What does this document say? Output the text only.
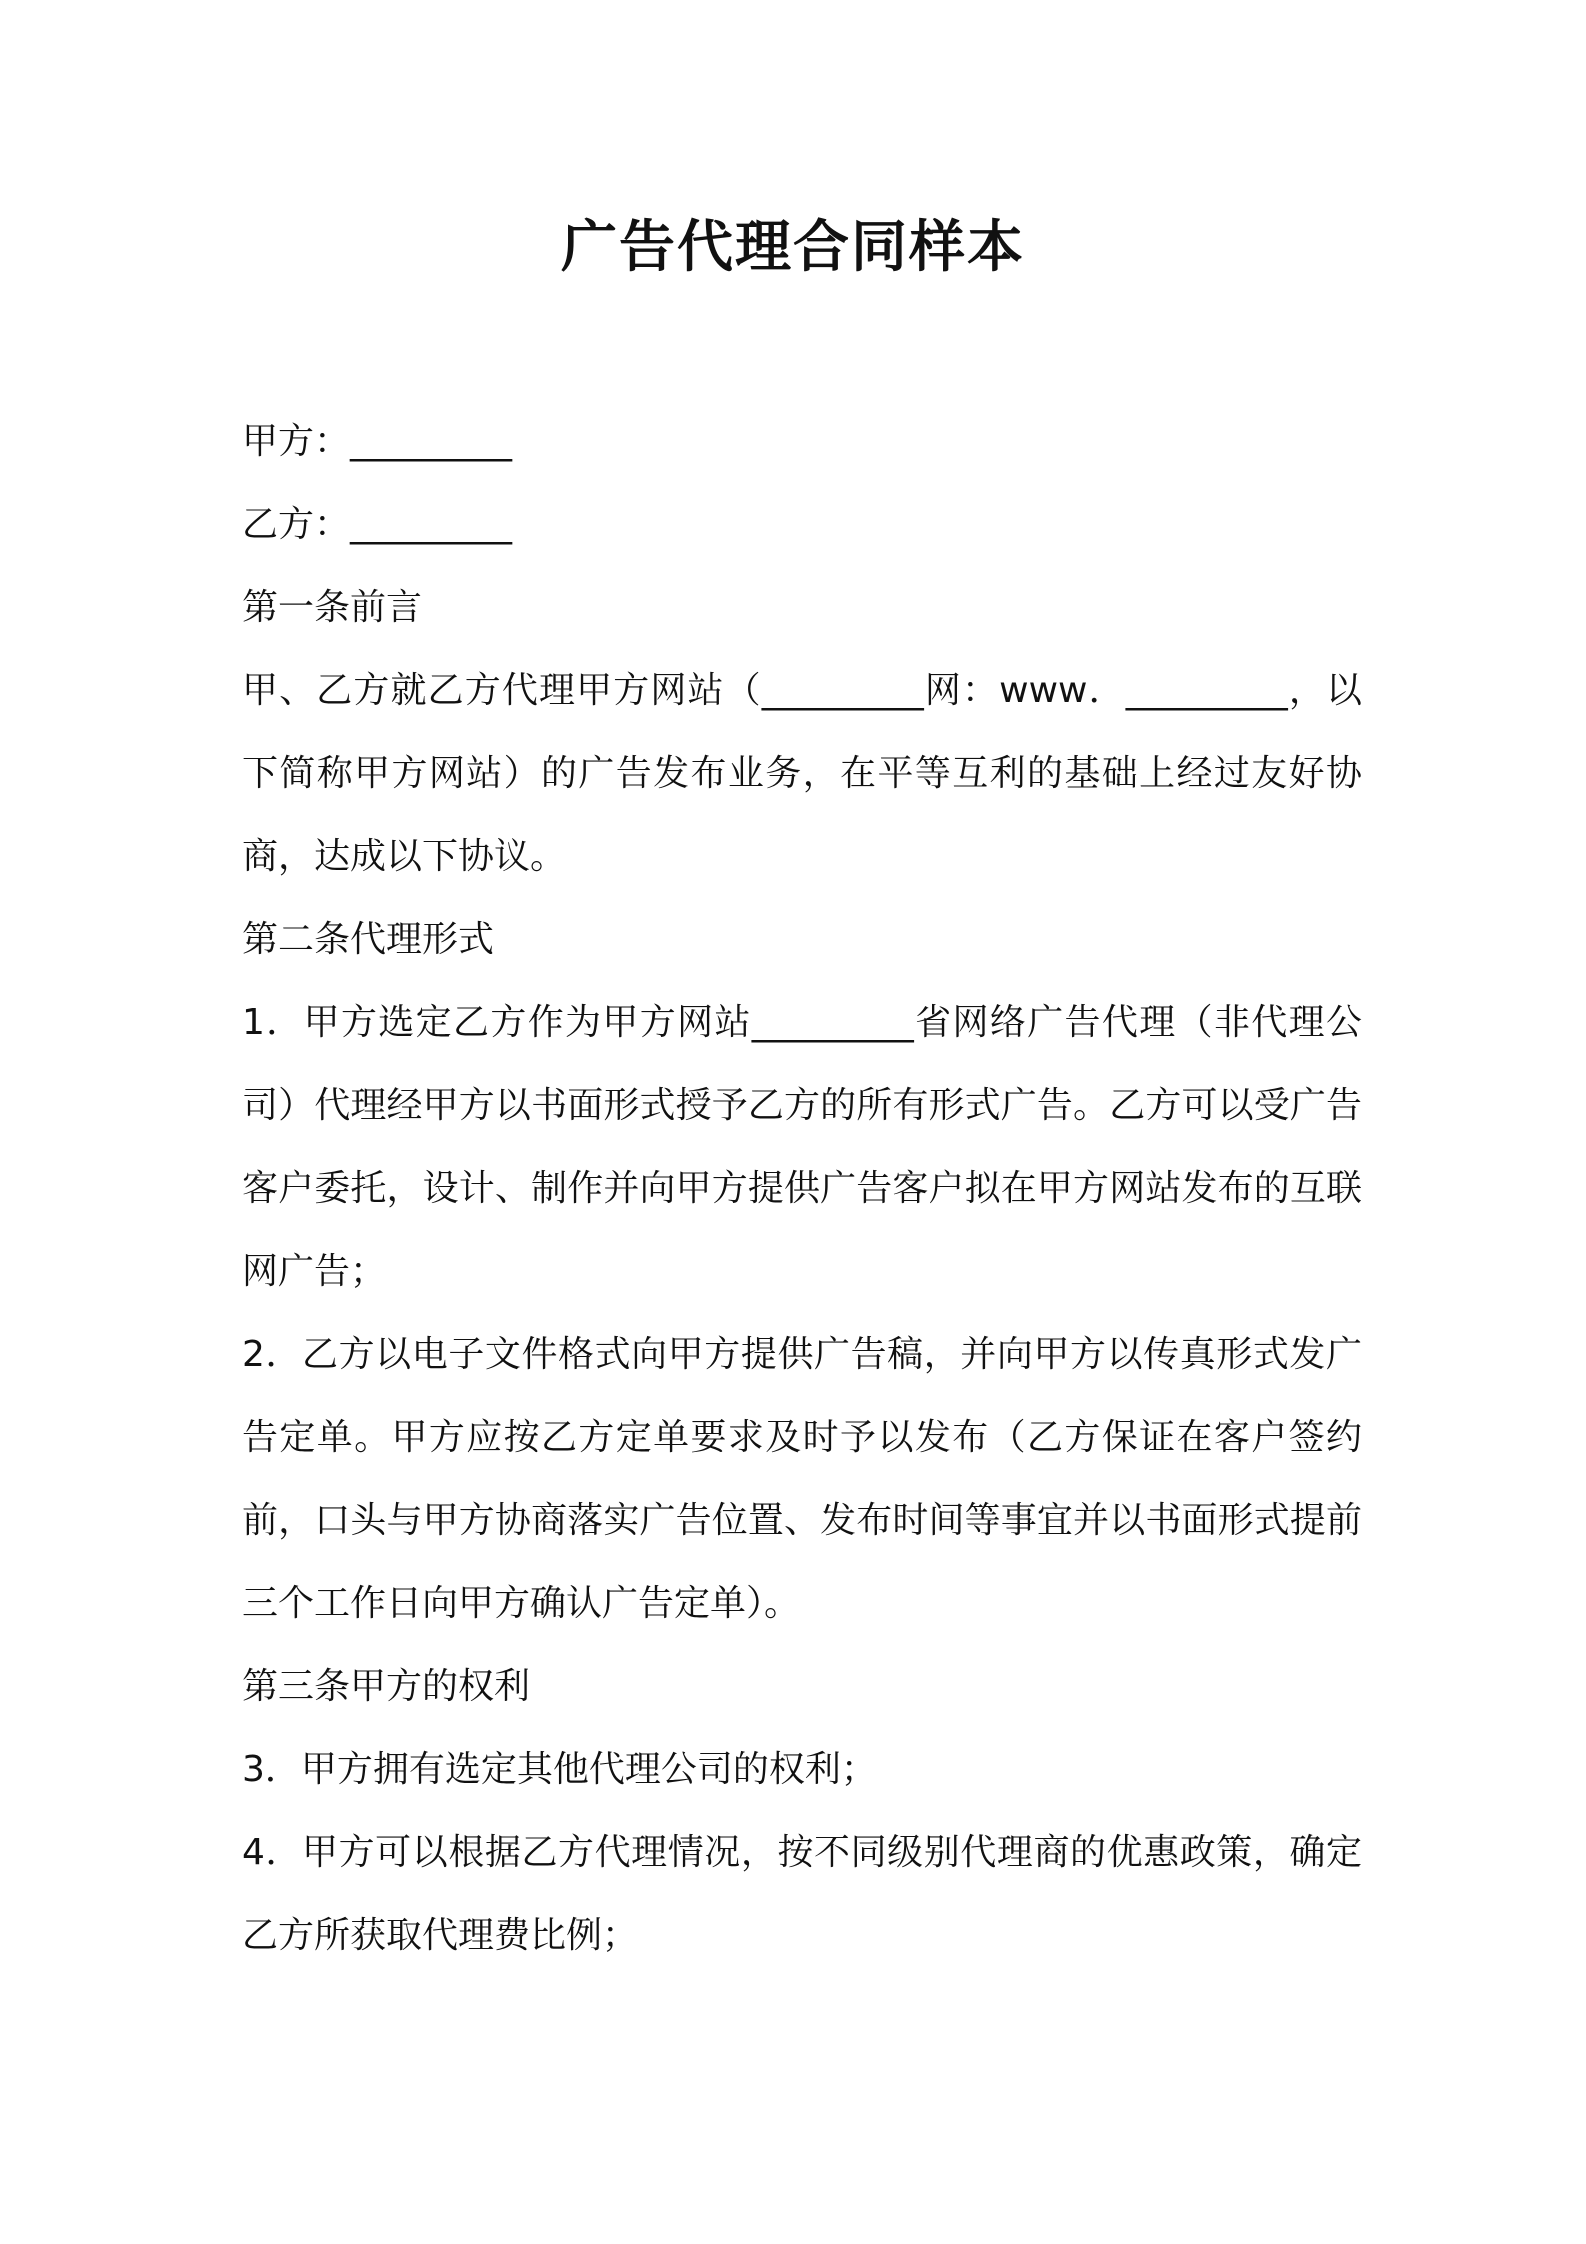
广告代理合同样本

甲方：_________

乙方：_________

第一条前言

甲、乙方就乙方代理甲方网站（_________网：www．_________，以下简称甲方网站）的广告发布业务，在平等互利的基础上经过友好协商，达成以下协议。

第二条代理形式

1．甲方选定乙方作为甲方网站_________省网络广告代理（非代理公司）代理经甲方以书面形式授予乙方的所有形式广告。乙方可以受广告客户委托，设计、制作并向甲方提供广告客户拟在甲方网站发布的互联网广告；

2．乙方以电子文件格式向甲方提供广告稿，并向甲方以传真形式发广告定单。甲方应按乙方定单要求及时予以发布（乙方保证在客户签约前，口头与甲方协商落实广告位置、发布时间等事宜并以书面形式提前三个工作日向甲方确认广告定单）。

第三条甲方的权利

3．甲方拥有选定其他代理公司的权利；

4．甲方可以根据乙方代理情况，按不同级别代理商的优惠政策，确定乙方所获取代理费比例；
